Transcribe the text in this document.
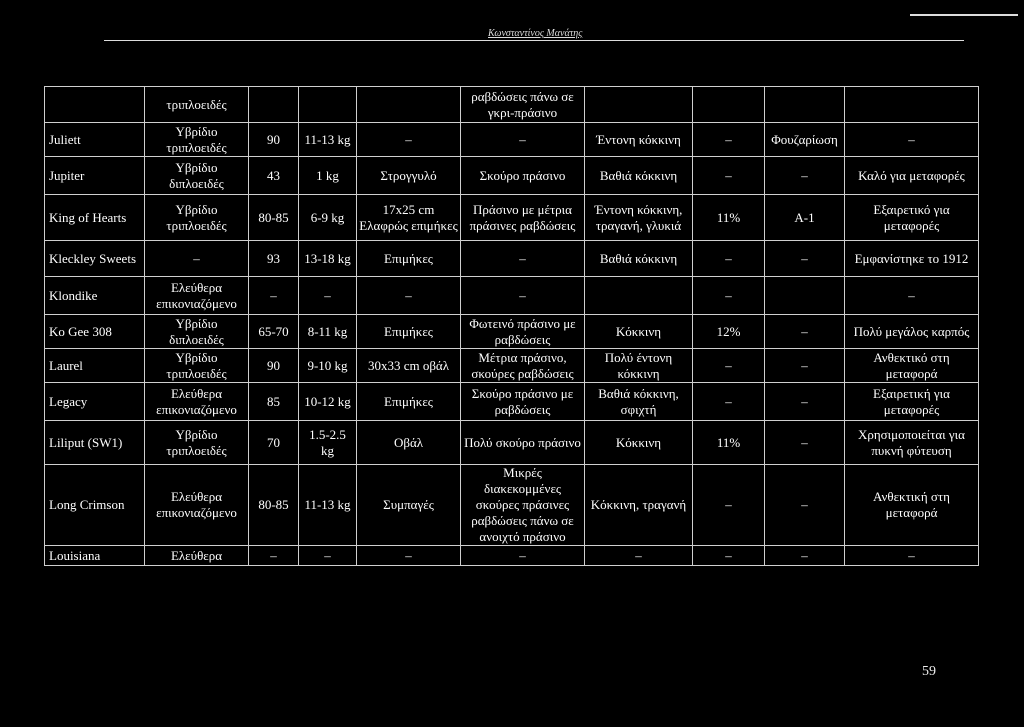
Κωνσταντίνος Μανάτης
	τριπλοειδές				ραβδώσεις πάνω σε γκρι-πράσινο				
Juliett	Υβρίδιο τριπλοειδές	90	11-13 kg	–	–	Έντονη κόκκινη	–	Φουζαρίωση	–
Jupiter	Υβρίδιο διπλοειδές	43	1 kg	Στρογγυλό	Σκούρο πράσινο	Βαθιά κόκκινη	–	–	Καλό για μεταφορές
King of Hearts	Υβρίδιο τριπλοειδές	80-85	6-9 kg	17x25 cm Ελαφρώς επιμήκες	Πράσινο με μέτρια πράσινες ραβδώσεις	Έντονη κόκκινη, τραγανή, γλυκιά	11%	A-1	Εξαιρετικό για μεταφορές
Kleckley Sweets	–	93	13-18 kg	Επιμήκες	–	Βαθιά κόκκινη	–	–	Εμφανίστηκε το 1912
Klondike	Ελεύθερα επικονιαζόμενο	–	–	–	–		–		–
Ko Gee 308	Υβρίδιο διπλοειδές	65-70	8-11 kg	Επιμήκες	Φωτεινό πράσινο με ραβδώσεις	Κόκκινη	12%	–	Πολύ μεγάλος καρπός
Laurel	Υβρίδιο τριπλοειδές	90	9-10 kg	30x33 cm οβάλ	Μέτρια πράσινο, σκούρες ραβδώσεις	Πολύ έντονη κόκκινη	–	–	Ανθεκτικό στη μεταφορά
Legacy	Ελεύθερα επικονιαζόμενο	85	10-12 kg	Επιμήκες	Σκούρο πράσινο με ραβδώσεις	Βαθιά κόκκινη, σφιχτή	–	–	Εξαιρετική για μεταφορές
Liliput (SW1)	Υβρίδιο τριπλοειδές	70	1.5-2.5 kg	Οβάλ	Πολύ σκούρο πράσινο	Κόκκινη	11%	–	Χρησιμοποιείται για πυκνή φύτευση
Long Crimson	Ελεύθερα επικονιαζόμενο	80-85	11-13 kg	Συμπαγές	Μικρές διακεκομμένες σκούρες πράσινες ραβδώσεις πάνω σε ανοιχτό πράσινο	Κόκκινη, τραγανή	–	–	Ανθεκτική στη μεταφορά
Louisiana	Ελεύθερα	–	–	–	–	–	–	–	–
59
